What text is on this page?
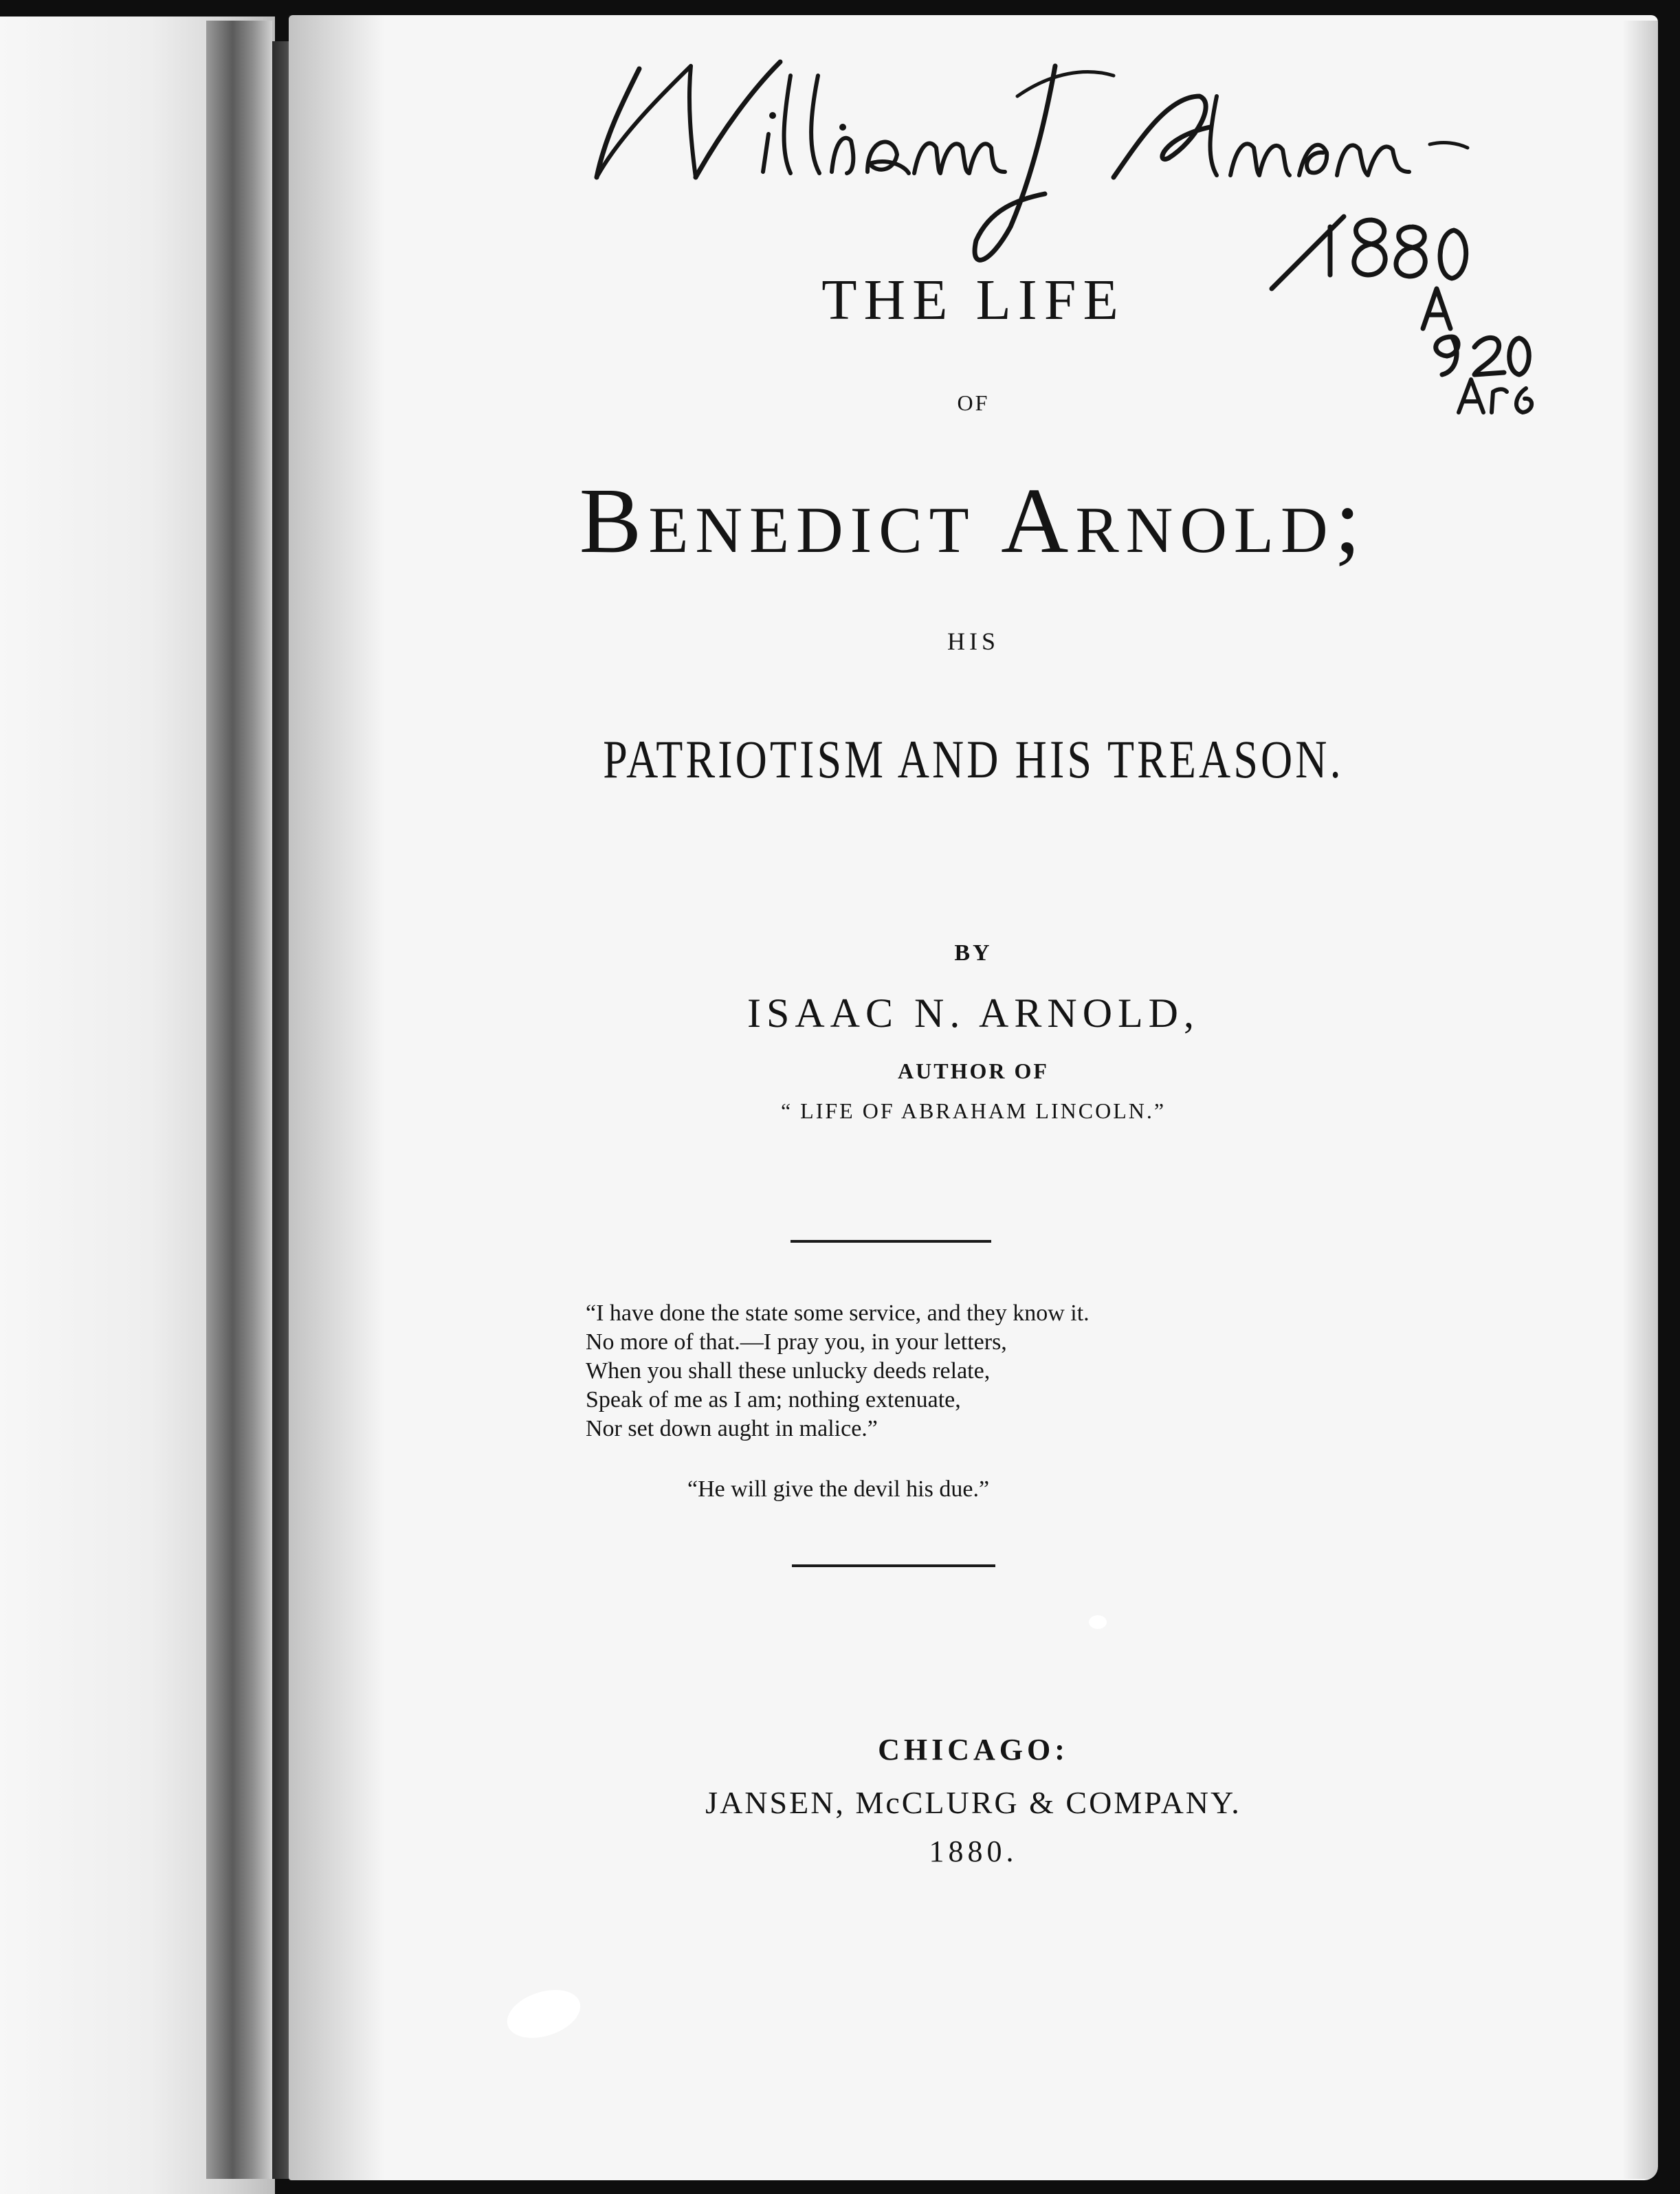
THE LIFE
OF
Benedict Arnold;
HIS
PATRIOTISM AND HIS TREASON.
BY
ISAAC N. ARNOLD,
AUTHOR OF
“ LIFE OF ABRAHAM LINCOLN.”
“I have done the state some service, and they know it.
No more of that.—I pray you, in your letters,
When you shall these unlucky deeds relate,
Speak of me as I am; nothing extenuate,
Nor set down aught in malice.”
“He will give the devil his due.”
CHICAGO:
JANSEN, McCLURG & COMPANY.
1880.
